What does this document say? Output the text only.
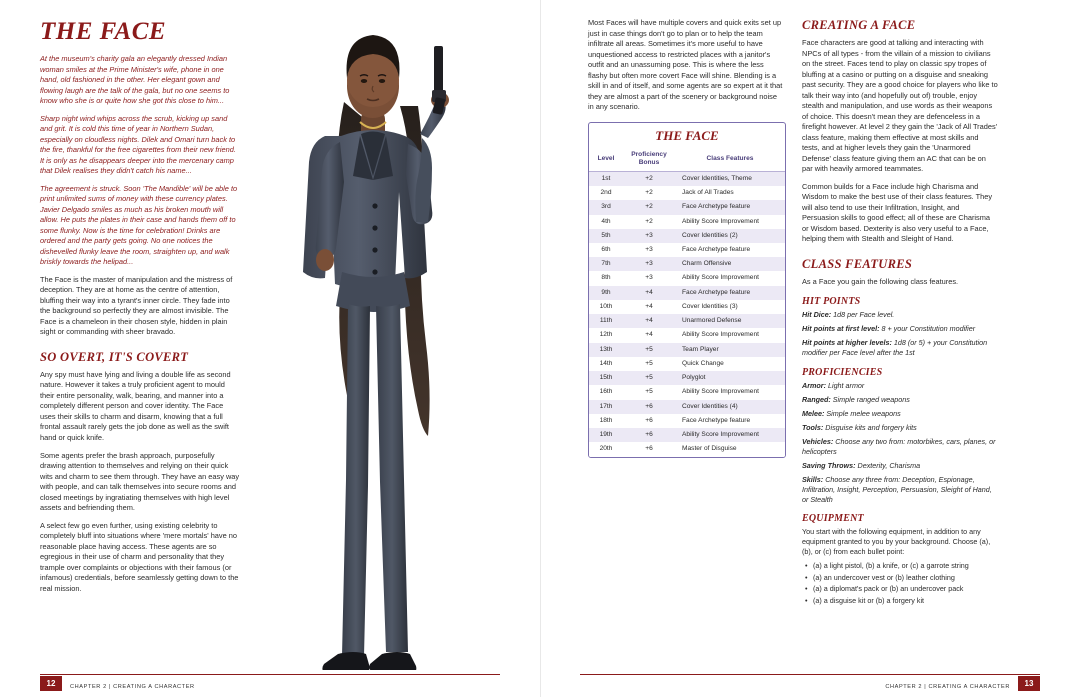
THE FACE

At the museum's charity gala an elegantly dressed Indian woman smiles at the Prime Minister's wife, phone in one hand, old fashioned in the other. Her elegant gown and flowing laugh are the talk of the gala, but no one seems to know who she is or quite how she got this close to him...

Sharp night wind whips across the scrub, kicking up sand and grit. It is cold this time of year in Northern Sudan, especially on cloudless nights. Dilek and Omari turn back to the fire, thankful for the free cigarettes from their new friend. It is only as he disappears deeper into the mercenary camp that Dilek realises they didn't catch his name...

The agreement is struck. Soon 'The Mandible' will be able to print unlimited sums of money with these currency plates. Javier Delgado smiles as much as his broken mouth will allow. He puts the plates in their case and hands them off to some flunky. Now is the time for celebration! Drinks are ordered and the party gets going. No one notices the dishevelled flunky leave the room, straighten up, and walk briskly towards the helipad...

The Face is the master of manipulation and the mistress of deception. They are at home as the centre of attention, bluffing their way into a tyrant's inner circle. They fade into the background so perfectly they are almost invisible. The Face is a chameleon in their chosen style, hidden in plain sight or commanding with sheer bravado.

SO OVERT, IT'S COVERT

Any spy must have lying and living a double life as second nature. However it takes a truly proficient agent to mould their entire personality, walk, bearing, and manner into a completely different person and cover identity. The Face uses their skills to charm and disarm, knowing that a full frontal assault rarely gets the job done as well as the swift hand or quick knife.

Some agents prefer the brash approach, purposefully drawing attention to themselves and relying on their quick wits and charm to see them through. They have an easy way with people, and can talk themselves into secure rooms and closed meetings by ingratiating themselves with high level assets and befriending them.

A select few go even further, using existing celebrity to completely bluff into situations where 'mere mortals' have no reasonable place having access. These agents are so egregious in their use of charm and personality that they trample over complaints or objections with their famous (or infamous) credentials, before seamlessly getting down to the real mission.

12	CHAPTER 2 | CREATING A CHARACTER

Most Faces will have multiple covers and quick exits set up just in case things don't go to plan or to help the team infiltrate all areas. Sometimes it's more useful to have unquestioned access to restricted places with a janitor's outfit and an unassuming pose. This is where the less flashy but often more covert Face will shine. Blending is a skill in and of itself, and some agents are so expert at it that they are almost a part of the scenery or background noise in any scenario.

THE FACE
Level	Proficiency Bonus	Class Features
1st	+2	Cover Identities, Theme
2nd	+2	Jack of All Trades
3rd	+2	Face Archetype feature
4th	+2	Ability Score Improvement
5th	+3	Cover Identities (2)
6th	+3	Face Archetype feature
7th	+3	Charm Offensive
8th	+3	Ability Score Improvement
9th	+4	Face Archetype feature
10th	+4	Cover Identities (3)
11th	+4	Unarmored Defense
12th	+4	Ability Score Improvement
13th	+5	Team Player
14th	+5	Quick Change
15th	+5	Polyglot
16th	+5	Ability Score Improvement
17th	+6	Cover Identities (4)
18th	+6	Face Archetype feature
19th	+6	Ability Score Improvement
20th	+6	Master of Disguise
CREATING A FACE

Face characters are good at talking and interacting with NPCs of all types - from the villain of a mission to civilians on the street. Faces tend to play on classic spy tropes of bluffing at a casino or putting on a disguise and sneaking past security. They are a good choice for players who like to talk their way into (and hopefully out of) trouble, enjoy stealth and manipulation, and use words as their weapons of choice. This doesn't mean they are defenceless in a firefight however. At level 2 they gain the 'Jack of All Trades' class feature, making them effective at most skills and tests, and at higher levels they gain the 'Unarmored Defense' class feature giving them an AC that can be on par with heavily armored teammates.

Common builds for a Face include high Charisma and Wisdom to make the best use of their class features. They will also tend to use their Infiltration, Insight, and Persuasion skills to good effect; all of these are Charisma or Wisdom based. Dexterity is also very useful to a Face, helping them with Stealth and Sleight of Hand.

CLASS FEATURES

As a Face you gain the following class features.

HIT POINTS

Hit Dice: 1d8 per Face level.

Hit points at first level: 8 + your Constitution modifier

Hit points at higher levels: 1d8 (or 5) + your Constitution modifier per Face level after the 1st

PROFICIENCIES

Armor: Light armor

Ranged: Simple ranged weapons

Melee: Simple melee weapons

Tools: Disguise kits and forgery kits

Vehicles: Choose any two from: motorbikes, cars, planes, or helicopters

Saving Throws: Dexterity, Charisma

Skills: Choose any three from: Deception, Espionage, Infiltration, Insight, Perception, Persuasion, Sleight of Hand, or Stealth

EQUIPMENT

You start with the following equipment, in addition to any equipment granted to you by your background. Choose (a), (b), or (c) from each bullet point:

• (a) a light pistol, (b) a knife, or (c) a garrote string
• (a) an undercover vest or (b) leather clothing
• (a) a diplomat's pack or (b) an undercover pack
• (a) a disguise kit or (b) a forgery kit
13
CHAPTER 2 | CREATING A CHARACTER
